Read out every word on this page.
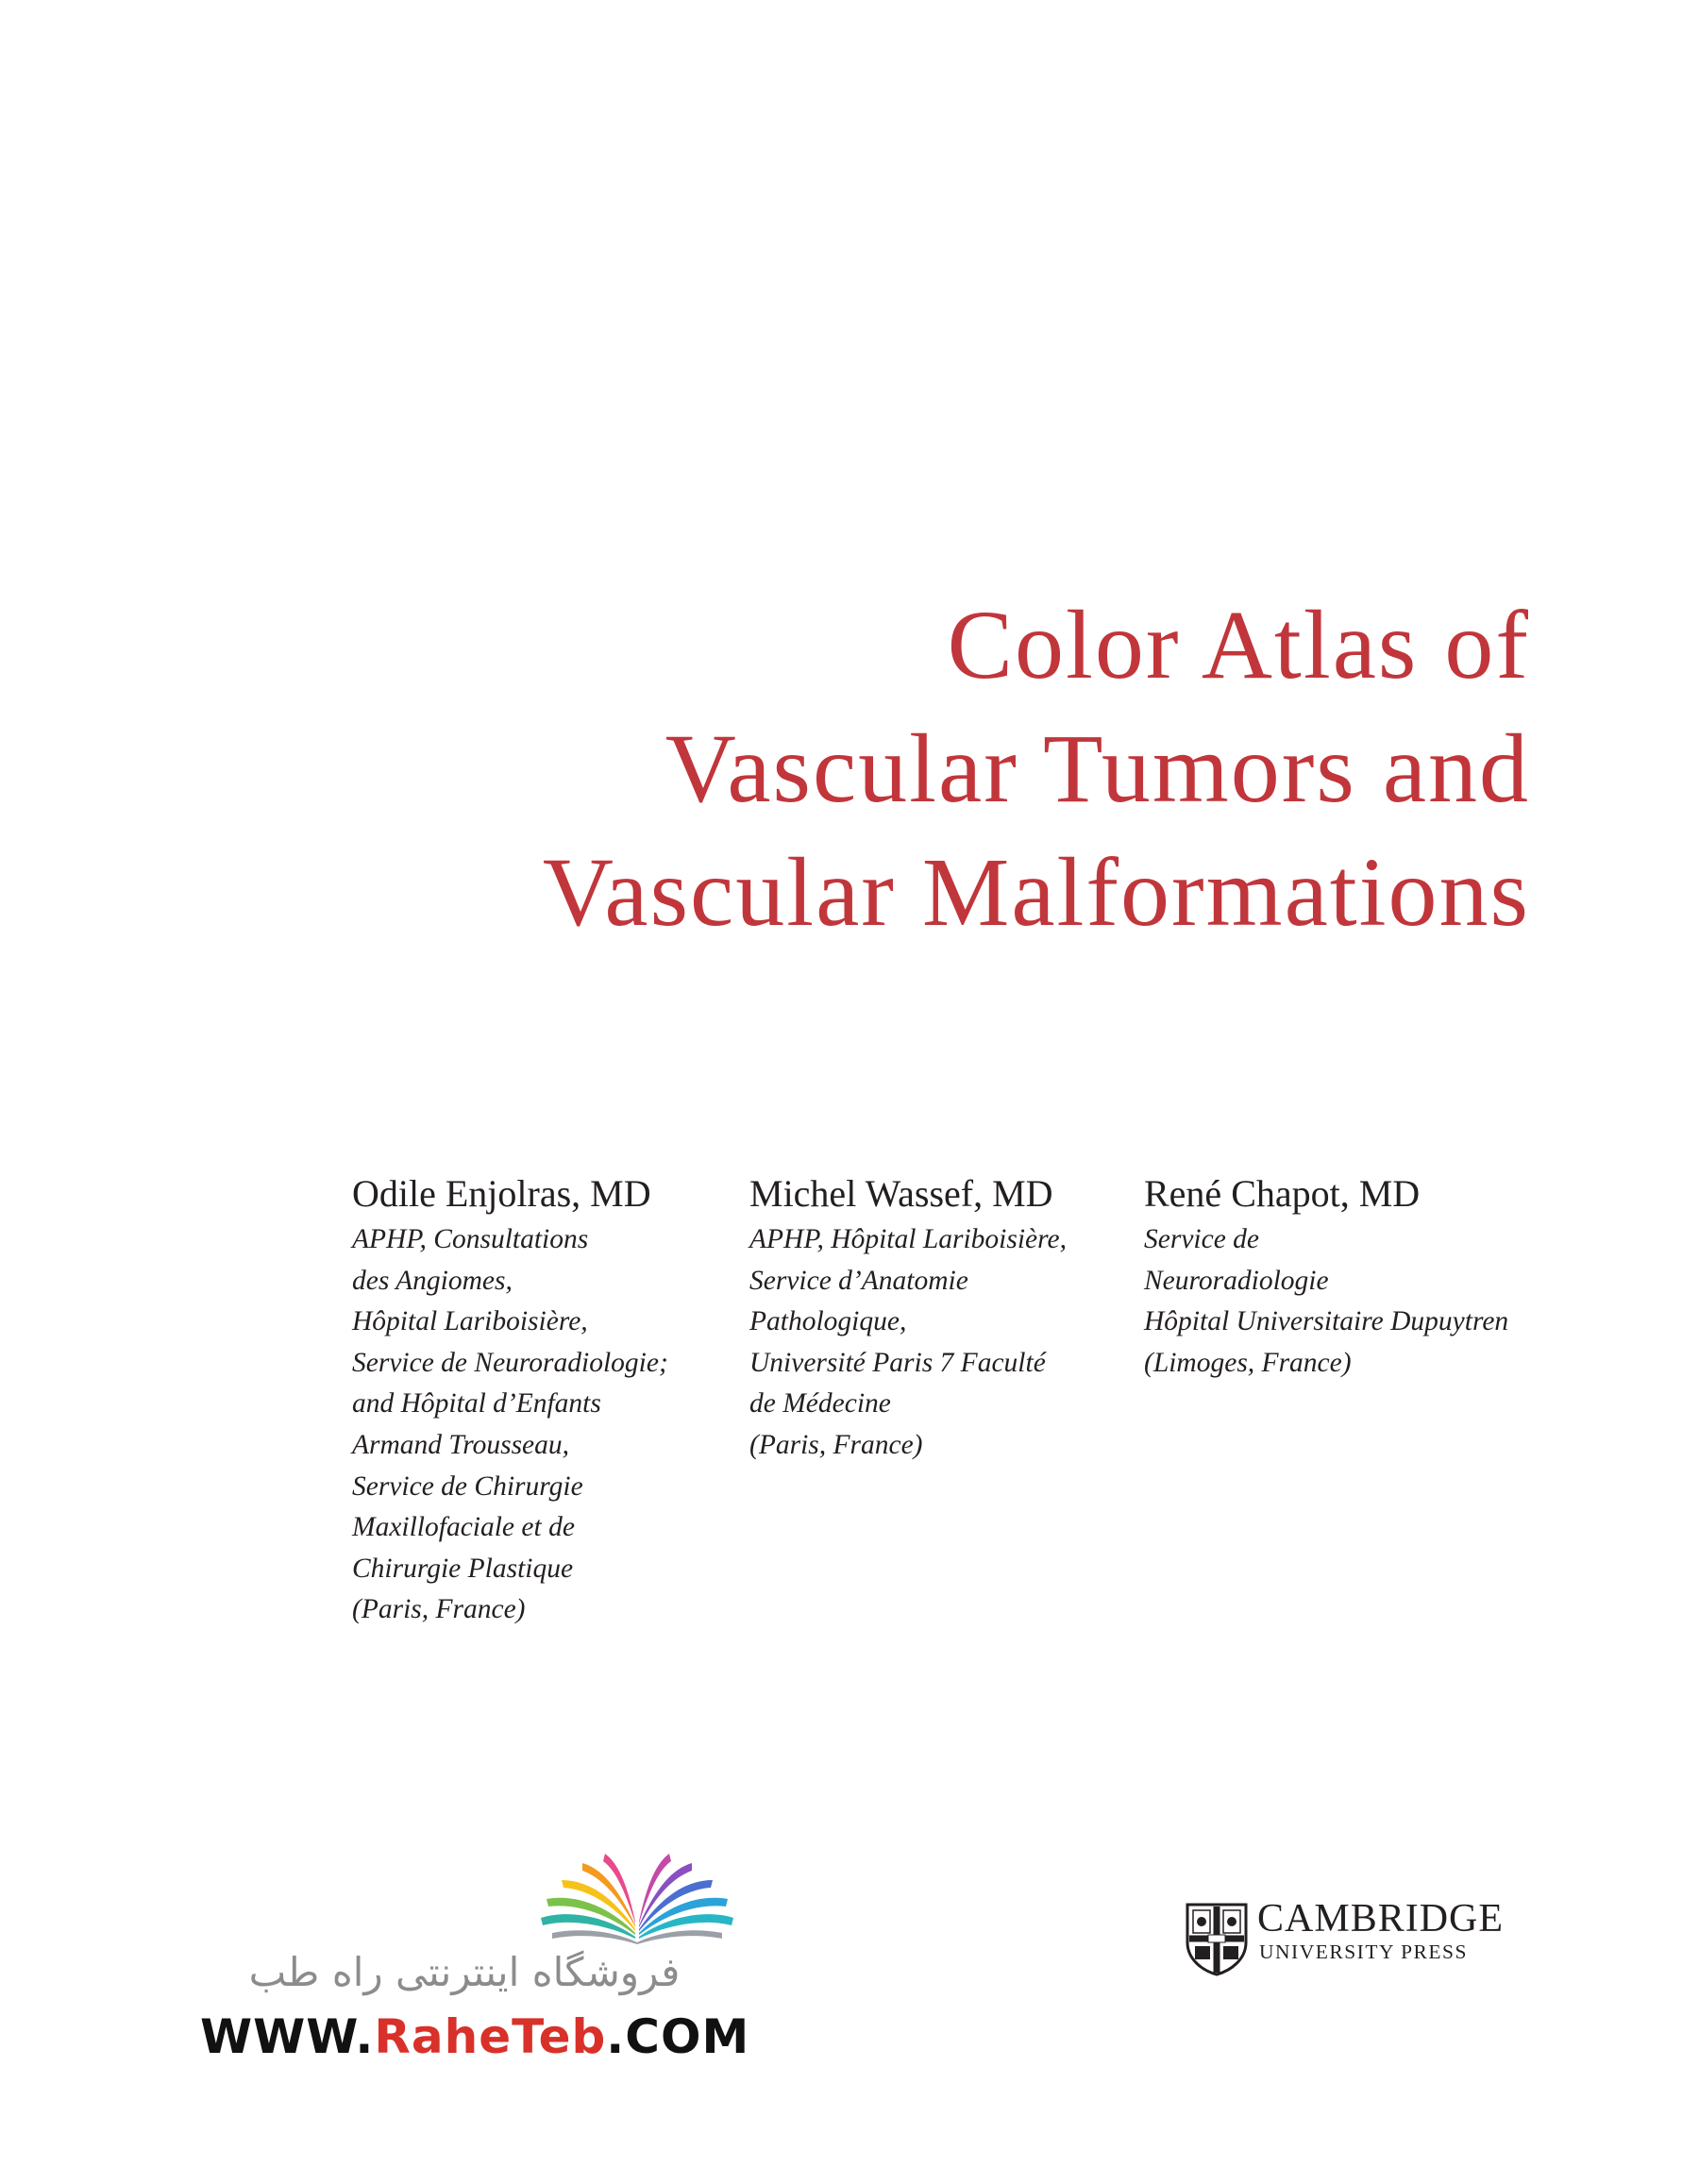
Color Atlas of
Vascular Tumors and
Vascular Malformations
Odile Enjolras, MD
APHP, Consultations
des Angiomes,
Hôpital Lariboisière,
Service de Neuroradiologie;
and Hôpital d’Enfants
Armand Trousseau,
Service de Chirurgie
Maxillofaciale et de
Chirurgie Plastique
(Paris, France)
Michel Wassef, MD
APHP, Hôpital Lariboisière,
Service d’Anatomie
Pathologique,
Université Paris 7 Faculté
de Médecine
(Paris, France)
René Chapot, MD
Service de
Neuroradiologie
Hôpital Universitaire Dupuytren
(Limoges, France)
فروشگاه اینترنتی راه طب
WWW.RaheTeb.COM
CAMBRIDGE
UNIVERSITY PRESS
